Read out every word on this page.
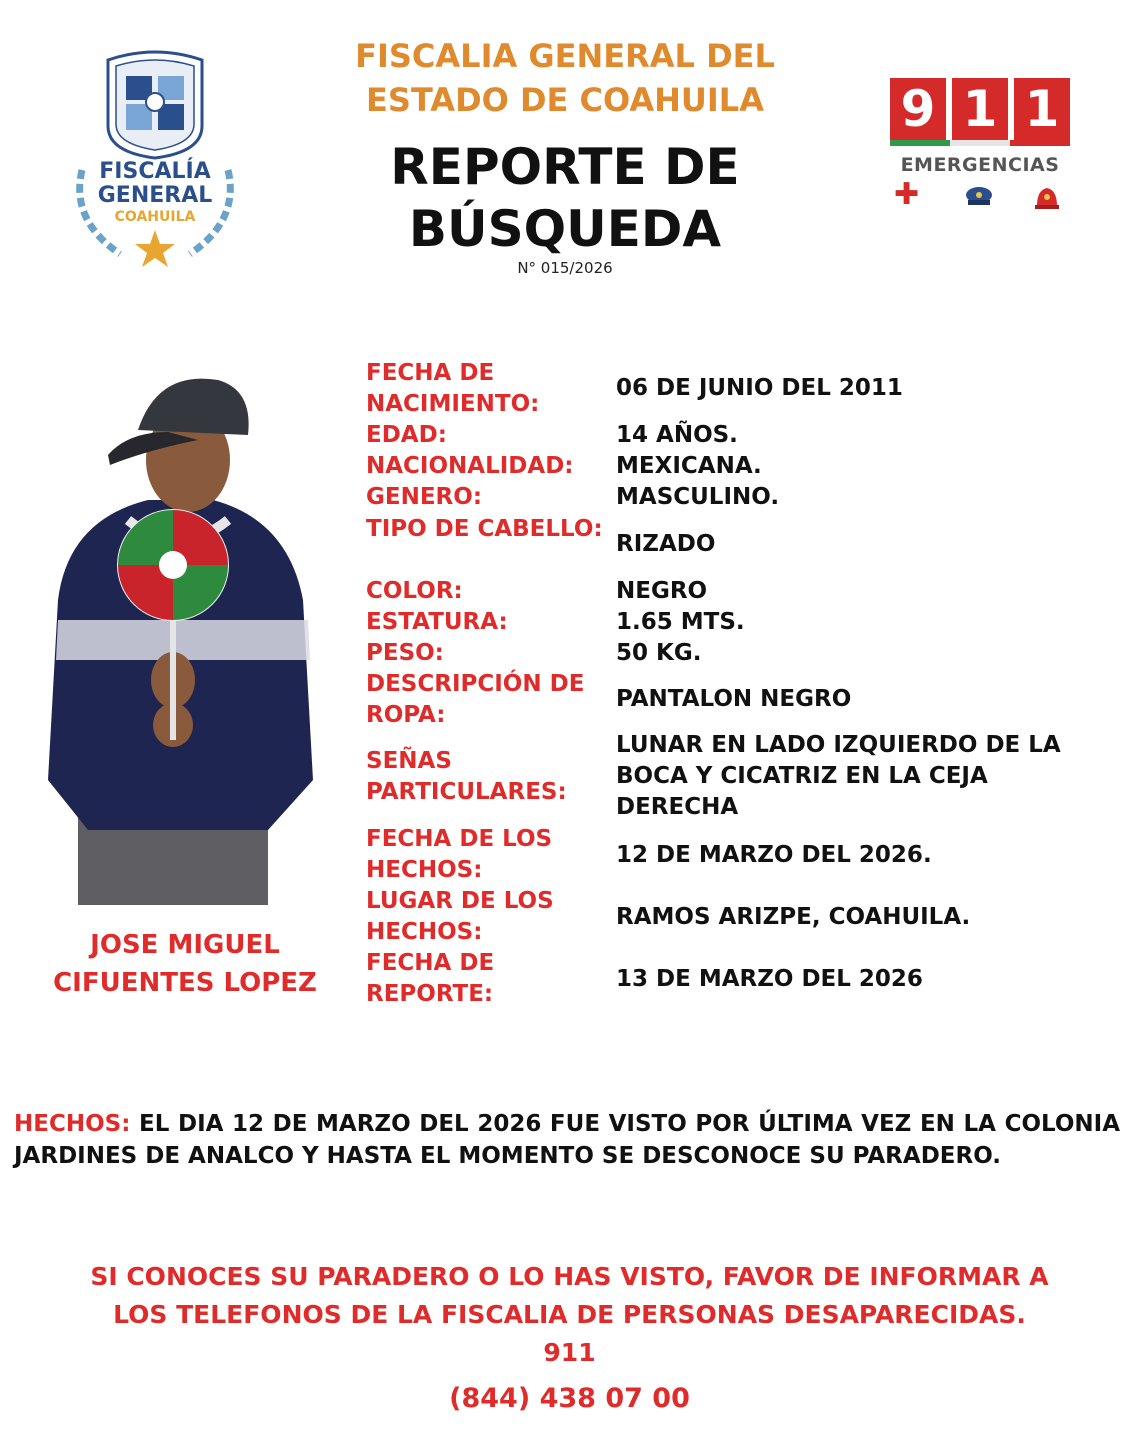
FISCALIA GENERAL DEL
ESTADO DE COAHUILA
REPORTE DE
BÚSQUEDA
N° 015/2026
FISCALÍA
GENERAL
COAHUILA
9 1 1
EMERGENCIAS
✚
JOSE MIGUEL
CIFUENTES LOPEZ
FECHA DE NACIMIENTO:
06 DE JUNIO DEL 2011
EDAD:	14 AÑOS.
NACIONALIDAD:	MEXICANA.
GENERO:	MASCULINO.
TIPO DE CABELLO:
RIZADO
COLOR:	NEGRO
ESTATURA:	1.65 MTS.
PESO:	50 KG.
DESCRIPCIÓN DE ROPA:
PANTALON NEGRO
SEÑAS PARTICULARES:
LUNAR EN LADO IZQUIERDO DE LA BOCA Y CICATRIZ EN LA CEJA DERECHA
FECHA DE LOS HECHOS:
12 DE MARZO DEL 2026.
LUGAR DE LOS HECHOS:
RAMOS ARIZPE, COAHUILA.
FECHA DE REPORTE:
13 DE MARZO DEL 2026
HECHOS: EL DIA 12 DE MARZO DEL 2026 FUE VISTO POR ÚLTIMA VEZ EN LA COLONIA JARDINES DE ANALCO Y HASTA EL MOMENTO SE DESCONOCE SU PARADERO.
SI CONOCES SU PARADERO O LO HAS VISTO, FAVOR DE INFORMAR A
LOS TELEFONOS DE LA FISCALIA DE PERSONAS DESAPARECIDAS.
911
(844) 438 07 00
